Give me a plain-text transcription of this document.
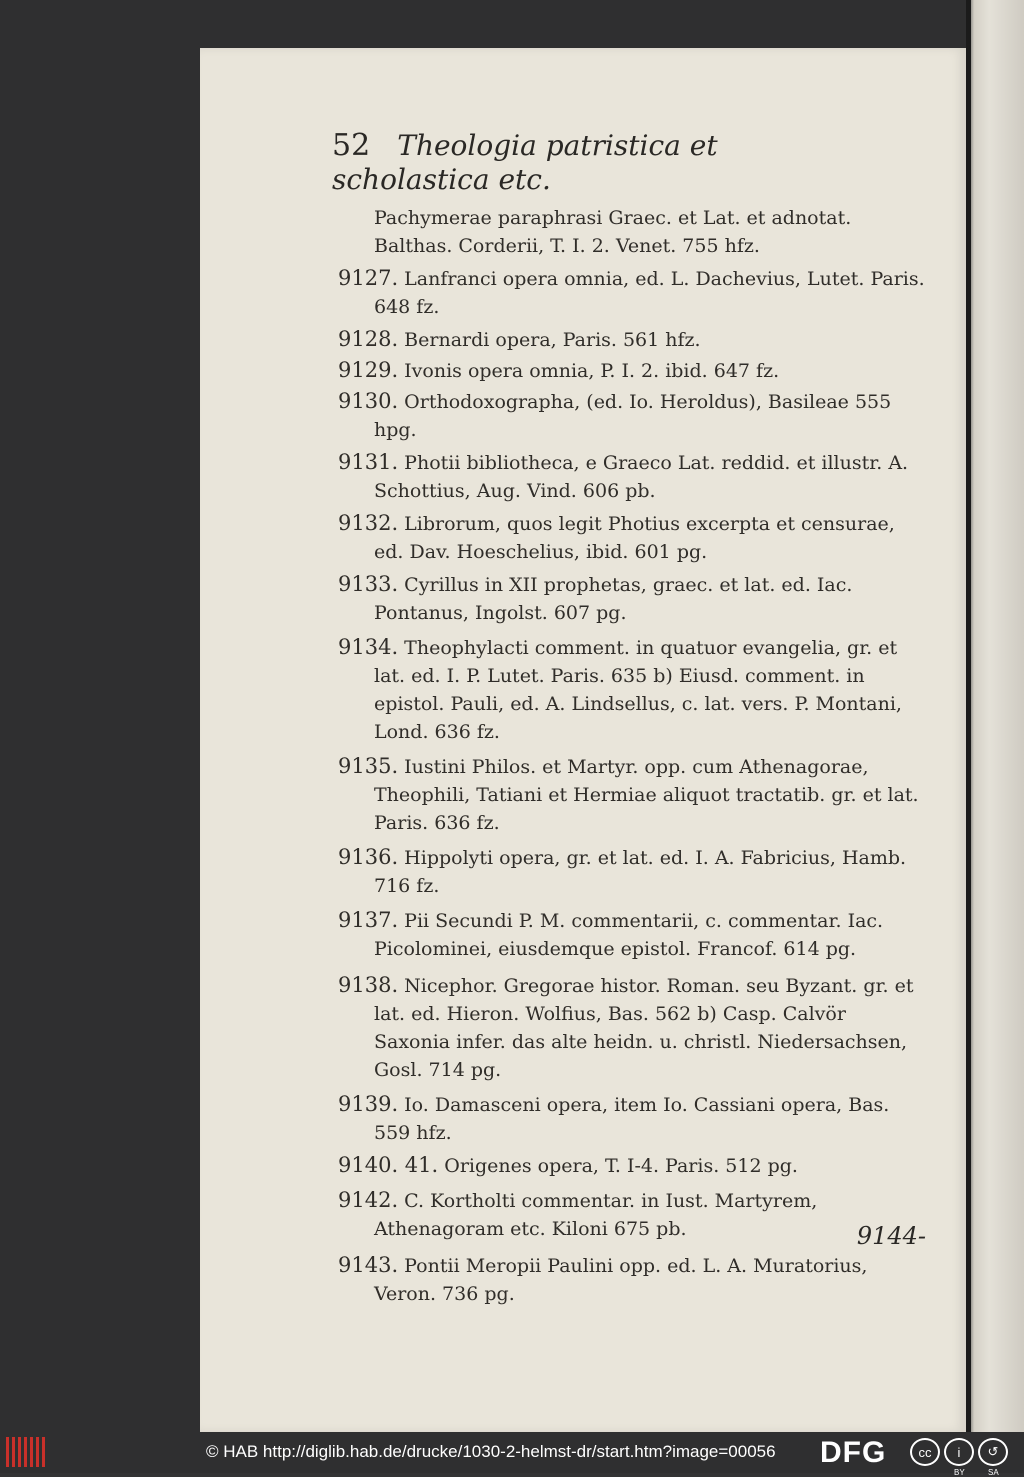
52 Theologia patristica et scholastica etc.
Pachymerae paraphrasi Graec. et Lat. et adnotat. Balthas. Corderii, T. I. 2. Venet. 755 hfz.
9127. Lanfranci opera omnia, ed. L. Dachevius, Lutet. Paris. 648 fz.
9128. Bernardi opera, Paris. 561 hfz.
9129. Ivonis opera omnia, P. I. 2. ibid. 647 fz.
9130. Orthodoxographa, (ed. Io. Heroldus), Basileae 555 hpg.
9131. Photii bibliotheca, e Graeco Lat. reddid. et illustr. A. Schottius, Aug. Vind. 606 pb.
9132. Librorum, quos legit Photius excerpta et censurae, ed. Dav. Hoeschelius, ibid. 601 pg.
9133. Cyrillus in XII prophetas, graec. et lat. ed. Iac. Pontanus, Ingolst. 607 pg.
9134. Theophylacti comment. in quatuor evangelia, gr. et lat. ed. I. P. Lutet. Paris. 635 b) Eiusd. comment. in epistol. Pauli, ed. A. Lindsellus, c. lat. vers. P. Montani, Lond. 636 fz.
9135. Iustini Philos. et Martyr. opp. cum Athenagorae, Theophili, Tatiani et Hermiae aliquot tractatib. gr. et lat. Paris. 636 fz.
9136. Hippolyti opera, gr. et lat. ed. I. A. Fabricius, Hamb. 716 fz.
9137. Pii Secundi P. M. commentarii, c. commentar. Iac. Picolominei, eiusdemque epistol. Francof. 614 pg.
9138. Nicephor. Gregorae histor. Roman. seu Byzant. gr. et lat. ed. Hieron. Wolfius, Bas. 562 b) Casp. Calvör Saxonia infer. das alte heidn. u. christl. Niedersachsen, Gosl. 714 pg.
9139. Io. Damasceni opera, item Io. Cassiani opera, Bas. 559 hfz.
9140. 41. Origenes opera, T. I-4. Paris. 512 pg.
9142. C. Kortholti commentar. in Iust. Martyrem, Athenagoram etc. Kiloni 675 pb.
9143. Pontii Meropii Paulini opp. ed. L. A. Muratorius, Veron. 736 pg.
9144-
© HAB http://diglib.hab.de/drucke/1030-2-helmst-dr/start.htm?image=00056 DFG	cc	i	↺
BY	SA
